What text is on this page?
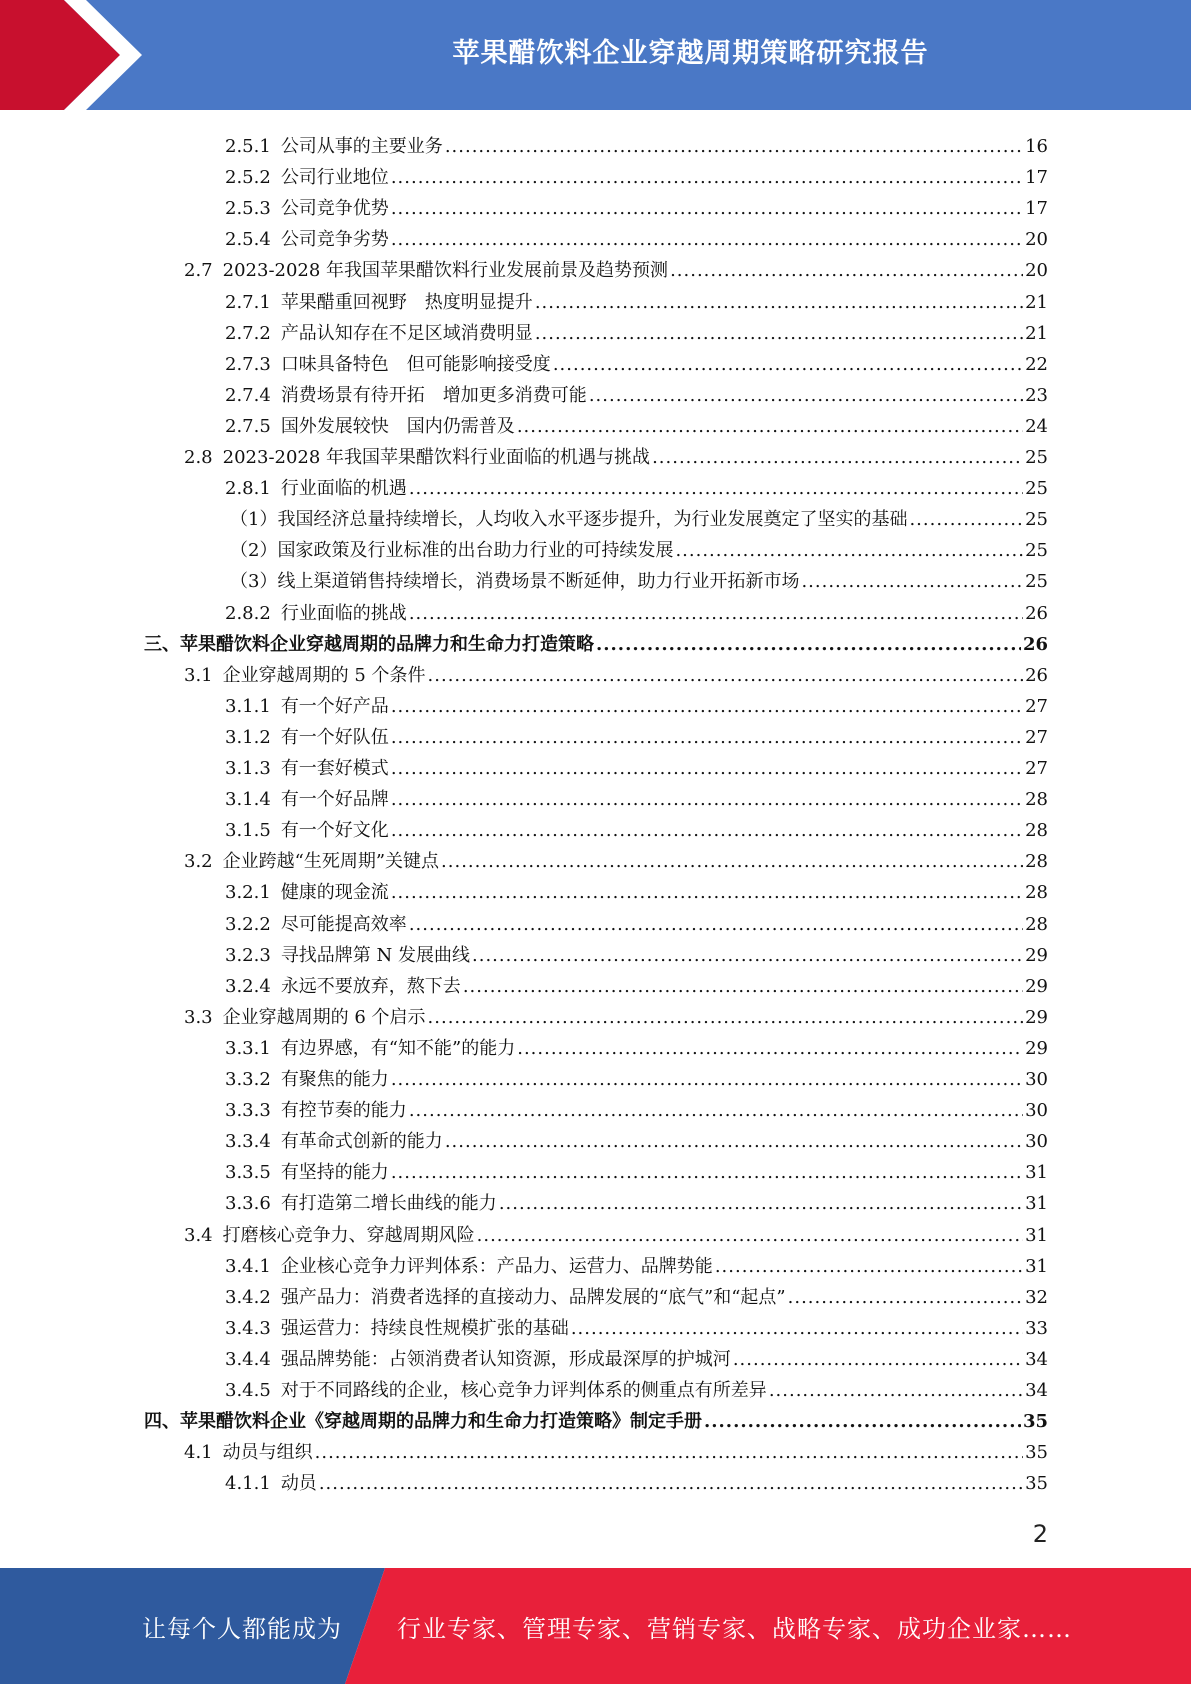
苹果醋饮料企业穿越周期策略研究报告
2.5.1 公司从事的主要业务 .....	16
2.5.2 公司行业地位 .....	17
2.5.3 公司竞争优势 .....	17
2.5.4 公司竞争劣势 .....	20
2.7 2023-2028 年我国苹果醋饮料行业发展前景及趋势预测 .....	20
2.7.1 苹果醋重回视野　热度明显提升 .....	21
2.7.2 产品认知存在不足区域消费明显 .....	21
2.7.3 口味具备特色　但可能影响接受度 .....	22
2.7.4 消费场景有待开拓　增加更多消费可能 .....	23
2.7.5 国外发展较快　国内仍需普及 .....	24
2.8 2023-2028 年我国苹果醋饮料行业面临的机遇与挑战 .....	25
2.8.1 行业面临的机遇 .....	25
（1）我国经济总量持续增长，人均收入水平逐步提升，为行业发展奠定了坚实的基础 .....	25
（2）国家政策及行业标准的出台助力行业的可持续发展 .....	25
（3）线上渠道销售持续增长，消费场景不断延伸，助力行业开拓新市场 .....	25
2.8.2 行业面临的挑战 .....	26
三、苹果醋饮料企业穿越周期的品牌力和生命力打造策略 .....	26
3.1 企业穿越周期的 5 个条件 .....	26
3.1.1 有一个好产品 .....	27
3.1.2 有一个好队伍 .....	27
3.1.3 有一套好模式 .....	27
3.1.4 有一个好品牌 .....	28
3.1.5 有一个好文化 .....	28
3.2 企业跨越“生死周期”关键点 .....	28
3.2.1 健康的现金流 .....	28
3.2.2 尽可能提高效率 .....	28
3.2.3 寻找品牌第 N 发展曲线 .....	29
3.2.4 永远不要放弃，熬下去 .....	29
3.3 企业穿越周期的 6 个启示 .....	29
3.3.1 有边界感，有“知不能”的能力 .....	29
3.3.2 有聚焦的能力 .....	30
3.3.3 有控节奏的能力 .....	30
3.3.4 有革命式创新的能力 .....	30
3.3.5 有坚持的能力 .....	31
3.3.6 有打造第二增长曲线的能力 .....	31
3.4 打磨核心竞争力、穿越周期风险 .....	31
3.4.1 企业核心竞争力评判体系：产品力、运营力、品牌势能 .....	31
3.4.2 强产品力：消费者选择的直接动力、品牌发展的“底气”和“起点” .....	32
3.4.3 强运营力：持续良性规模扩张的基础 .....	33
3.4.4 强品牌势能：占领消费者认知资源，形成最深厚的护城河 .....	34
3.4.5 对于不同路线的企业，核心竞争力评判体系的侧重点有所差异 .....	34
四、苹果醋饮料企业《穿越周期的品牌力和生命力打造策略》制定手册 .....	35
4.1 动员与组织 .....	35
4.1.1 动员 .....	35
2
让每个人都能成为 行业专家、管理专家、营销专家、战略专家、成功企业家……
